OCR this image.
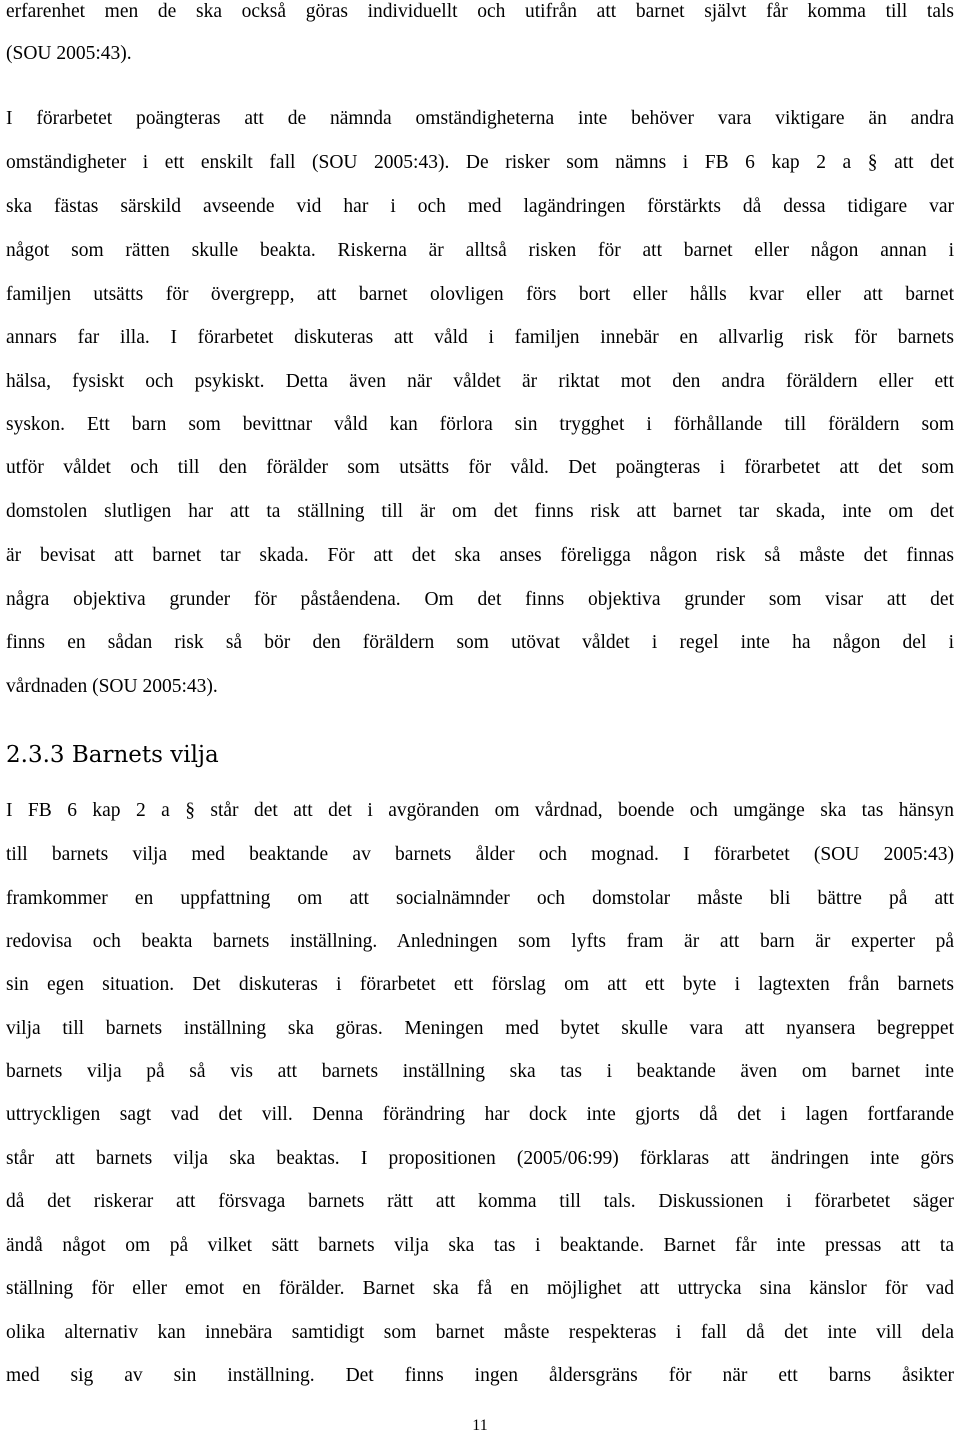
erfarenhet men de ska också göras individuellt och utifrån att barnet självt får komma till tals
(SOU 2005:43).
I förarbetet poängteras att de nämnda omständigheterna inte behöver vara viktigare än andra
omständigheter i ett enskilt fall (SOU 2005:43). De risker som nämns i FB 6 kap 2 a § att det
ska fästas särskild avseende vid har i och med lagändringen förstärkts då dessa tidigare var
något som rätten skulle beakta. Riskerna är alltså risken för att barnet eller någon annan i
familjen utsätts för övergrepp, att barnet olovligen förs bort eller hålls kvar eller att barnet
annars far illa. I förarbetet diskuteras att våld i familjen innebär en allvarlig risk för barnets
hälsa, fysiskt och psykiskt. Detta även när våldet är riktat mot den andra föräldern eller ett
syskon. Ett barn som bevittnar våld kan förlora sin trygghet i förhållande till föräldern som
utför våldet och till den förälder som utsätts för våld. Det poängteras i förarbetet att det som
domstolen slutligen har att ta ställning till är om det finns risk att barnet tar skada, inte om det
är bevisat att barnet tar skada. För att det ska anses föreligga någon risk så måste det finnas
några objektiva grunder för påståendena. Om det finns objektiva grunder som visar att det
finns en sådan risk så bör den föräldern som utövat våldet i regel inte ha någon del i
vårdnaden (SOU 2005:43).
I FB 6 kap 2 a § står det att det i avgöranden om vårdnad, boende och umgänge ska tas hänsyn
till barnets vilja med beaktande av barnets ålder och mognad. I förarbetet (SOU 2005:43)
framkommer en uppfattning om att socialnämnder och domstolar måste bli bättre på att
redovisa och beakta barnets inställning. Anledningen som lyfts fram är att barn är experter på
sin egen situation. Det diskuteras i förarbetet ett förslag om att ett byte i lagtexten från barnets
vilja till barnets inställning ska göras. Meningen med bytet skulle vara att nyansera begreppet
barnets vilja på så vis att barnets inställning ska tas i beaktande även om barnet inte
uttryckligen sagt vad det vill. Denna förändring har dock inte gjorts då det i lagen fortfarande
står att barnets vilja ska beaktas. I propositionen (2005/06:99) förklaras att ändringen inte görs
då det riskerar att försvaga barnets rätt att komma till tals. Diskussionen i förarbetet säger
ändå något om på vilket sätt barnets vilja ska tas i beaktande. Barnet får inte pressas att ta
ställning för eller emot en förälder. Barnet ska få en möjlighet att uttrycka sina känslor för vad
olika alternativ kan innebära samtidigt som barnet måste respekteras i fall då det inte vill dela
med sig av sin inställning. Det finns ingen åldersgräns för när ett barns åsikter
2.3.3 Barnets vilja
11
